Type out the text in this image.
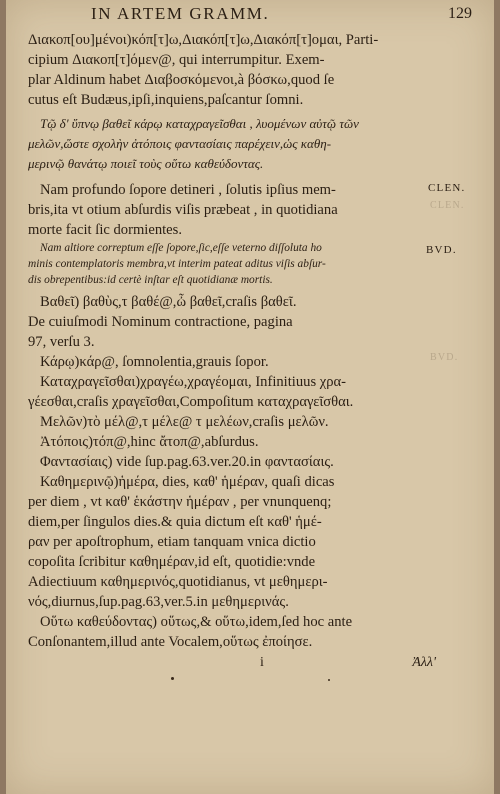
IN ARTEM GRAMM.	129
Διακοπ[ου]μένοι)κόπ[τ]ω,Διακόπ[τ]ω,Διακόπ[τ]ομαι, Parti-
cipium Διακοπ[τ]όμεν@, qui interrumpitur. Exem-
plar Aldinum habet Διαβοσκόμενοι,à βόσκω,quod ſe
cutus eſt Budæus,ipſi,inquiens,paſcantur ſomni.
Τῷ δ' ὕπνῳ βαθεῖ κάρῳ καταχραγεῖσθαι , λυομένων αὐτῷ τῶν
μελῶν,ὥστε σχολὴν ἀτόποις φαντασίαις παρέχειν,ὡς καθη-
μερινῷ θανάτῳ ποιεῖ τοὺς οὕτω καθεύδοντας.
Nam profundo ſopore detineri , ſolutis ipſius mem-
bris,ita vt otium abſurdis viſis præbeat , in quotidiana
morte facit ſic dormientes.
Nam altiore correptum eſſe ſopore,ſic,eſſe veterno diſſoluta ho
minis contemplatoris membra,vt interim pateat aditus viſis abſur-
dis obrepentibus:id certè inſtar eſt quotidianæ mortis.
Βαθεῖ) βαθὺς,τ βαθέ@,ὦ βαθεῖ,craſis βαθεῖ.
De cuiuſmodi Nominum contractione, pagina
97, verſu 3.
Κάρῳ)κάρ@, ſomnolentia,grauis ſopor.
Καταχραγεῖσθαι)χραγέω,χραγέομαι, Infinitiuus χρα-
γέεσθαι,craſis χραγεῖσθαι,Compoſitum καταχραγεῖσθαι.
Μελῶν)τὸ μέλ@,τ μέλε@ τ μελέων,craſis μελῶν.
Ἀτόποις)τόπ@,hinc ἄτοπ@,abſurdus.
Φαντασίαις) vide ſup.pag.63.ver.20.in φαντασίαις.
Καθημερινῷ)ἡμέρα, dies, καθ' ἡμέραν, quaſi dicas
per diem , vt καθ' ἑκάστην ἡμέραν , per vnunquenq;
diem,per ſingulos dies.& quia dictum eſt καθ' ἡμέ-
ραν per apoſtrophum, etiam tanquam vnica dictio
copoſita ſcribitur καθημέραν,id eſt, quotidie:vnde
Adiectiuum καθημερινός,quotidianus, vt μεθημερι-
νός,diurnus,ſup.pag.63,ver.5.in μεθημερινάς.
Οὕτω καθεύδοντας) οὕτως,& οὕτω,idem,ſed hoc ante
Conſonantem,illud ante Vocalem,οὕτως ἐποίησε.
CLEN.
CLEN.
BVD.
BVD.
i	Ἀλλ'
